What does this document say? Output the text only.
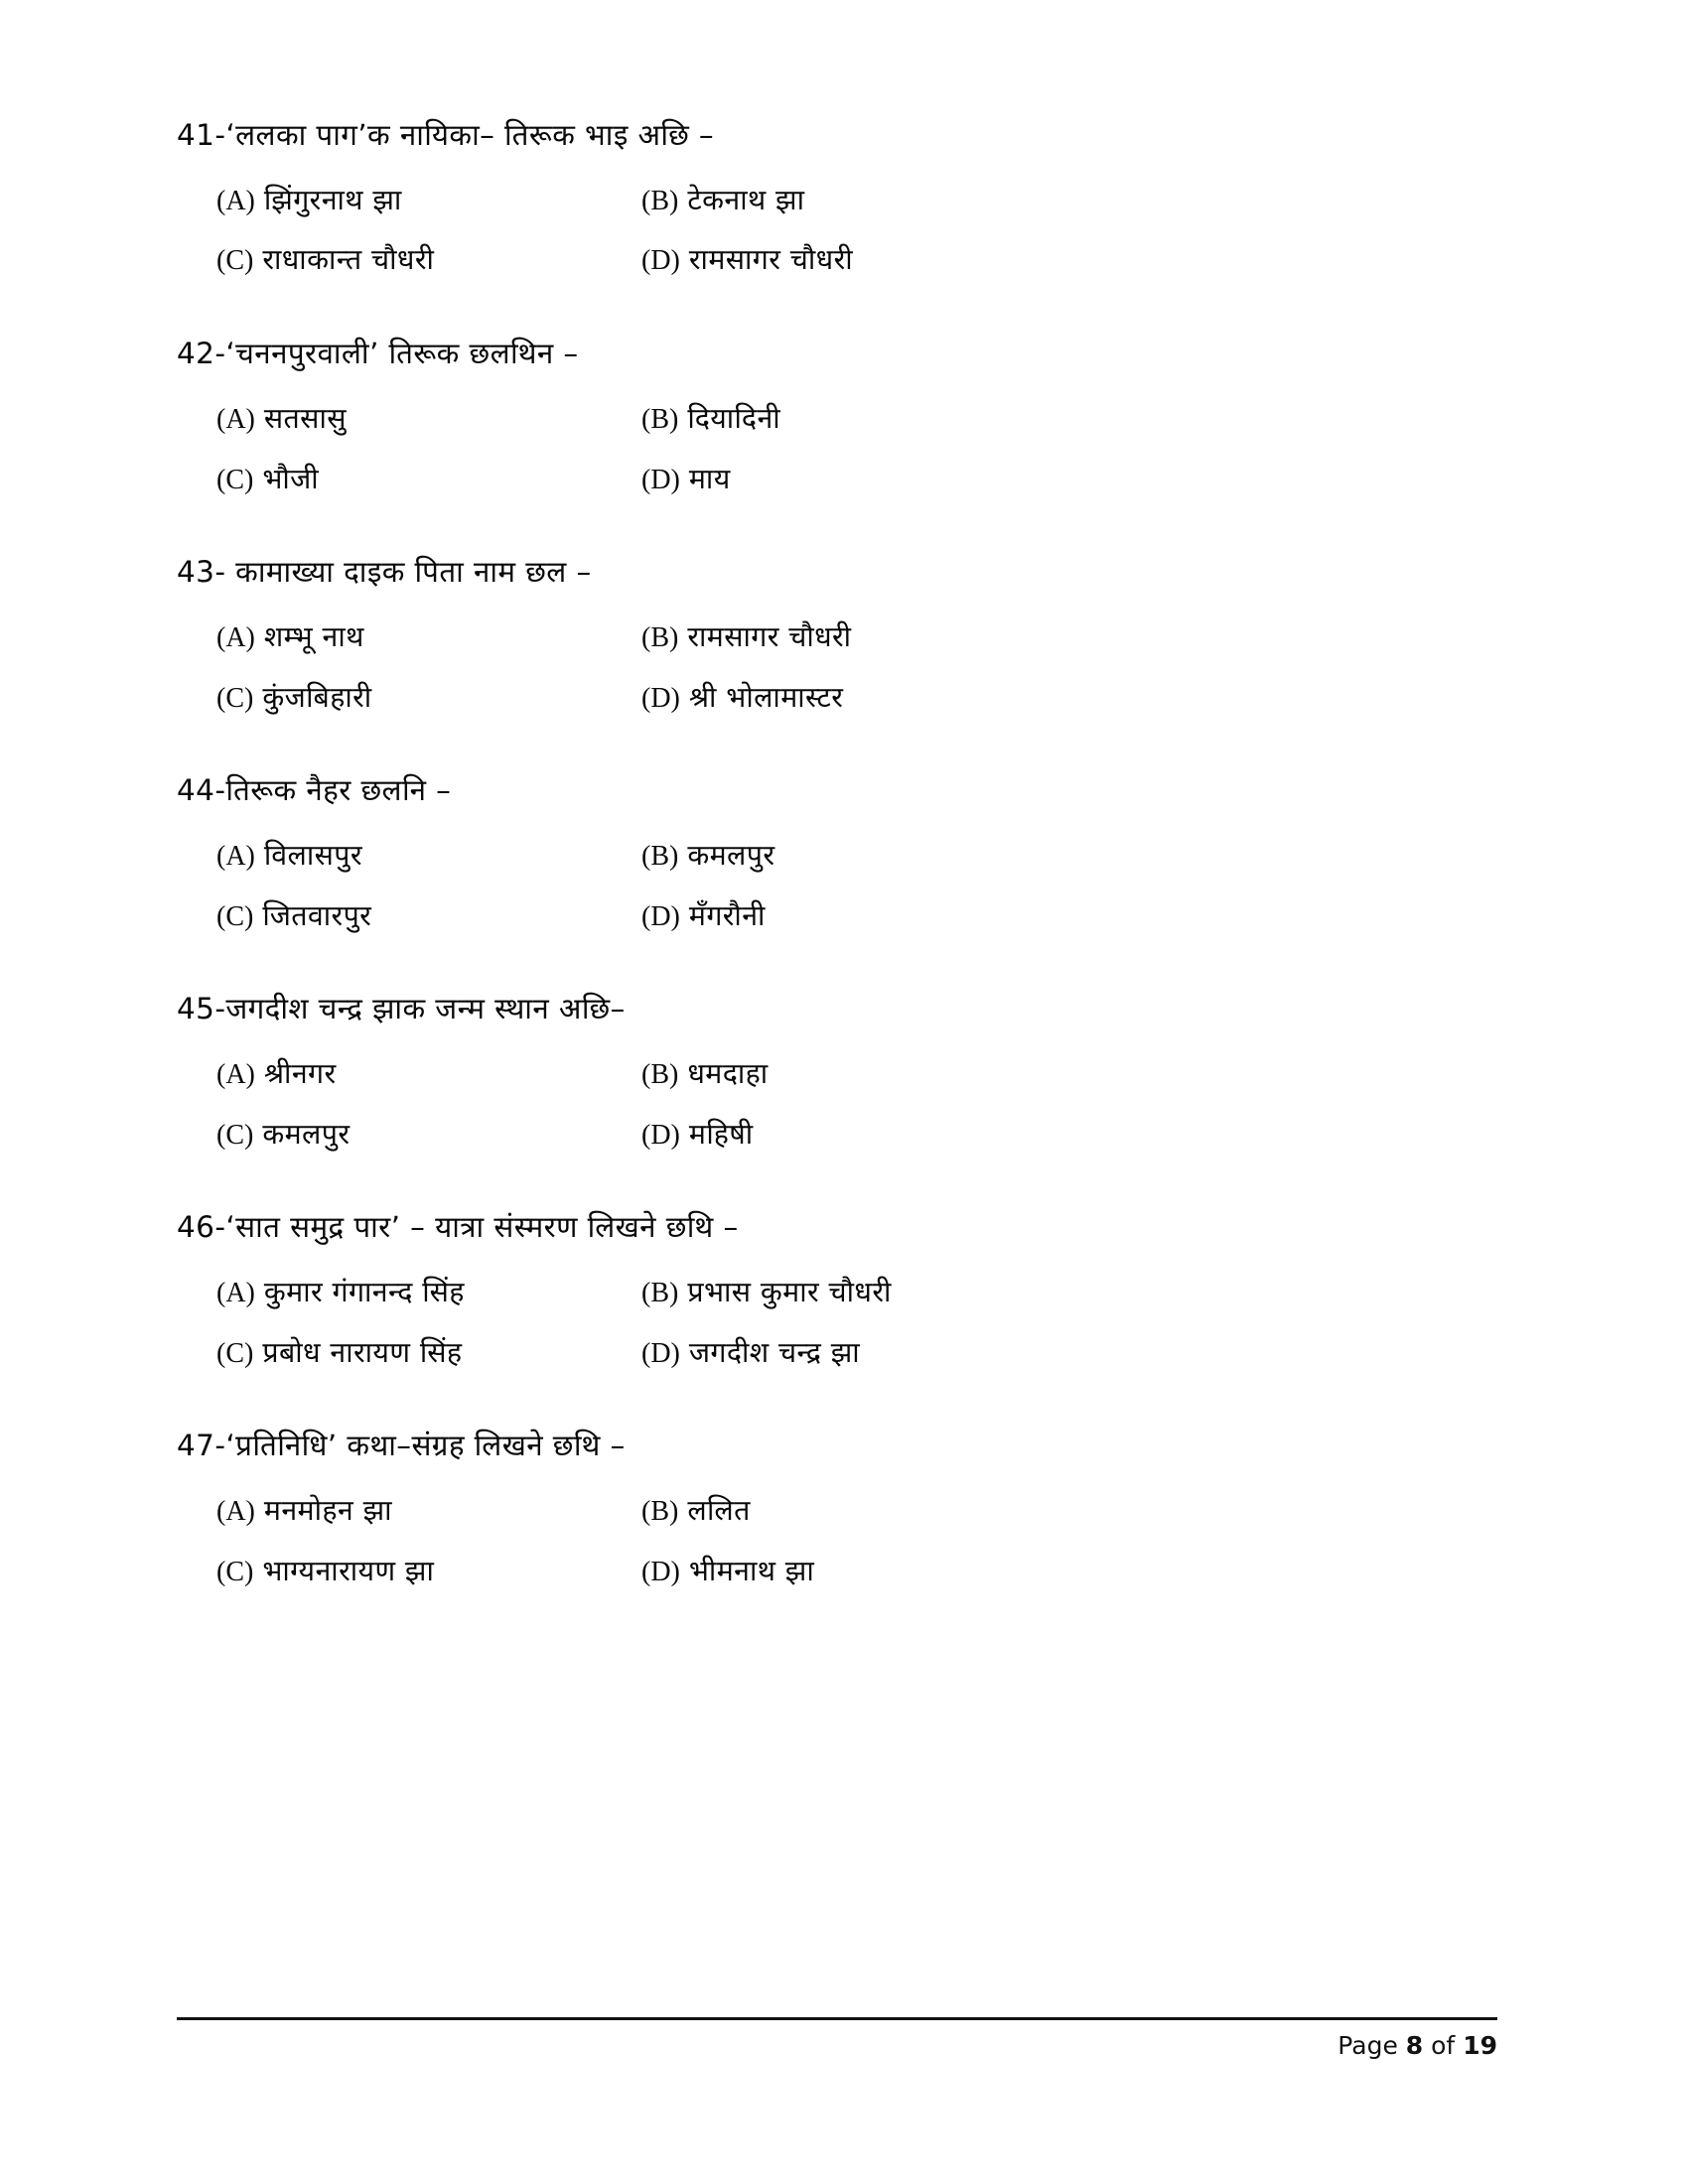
41-‘ललका पाग’क नायिका– तिरूक भाइ अछि –

(A) झिंगुरनाथ झा	(B) टेकनाथ झा
(C) राधाकान्त चौधरी	(D) रामसागर चौधरी

42-‘चननपुरवाली’ तिरूक छलथिन –

(A) सतसासु	(B) दियादिनी
(C) भौजी	(D) माय

43- कामाख्या दाइक पिता नाम छल –

(A) शम्भू नाथ	(B) रामसागर चौधरी
(C) कुंजबिहारी	(D) श्री भोलामास्टर

44-तिरूक नैहर छलनि –

(A) विलासपुर	(B) कमलपुर
(C) जितवारपुर	(D) मँगरौनी

45-जगदीश चन्द्र झाक जन्म स्थान अछि–

(A) श्रीनगर	(B) धमदाहा
(C) कमलपुर	(D) महिषी

46-‘सात समुद्र पार’ – यात्रा संस्मरण लिखने छथि –

(A) कुमार गंगानन्द सिंह	(B) प्रभास कुमार चौधरी
(C) प्रबोध नारायण सिंह	(D) जगदीश चन्द्र झा

47-‘प्रतिनिधि’ कथा–संग्रह लिखने छथि –

(A) मनमोहन झा	(B) ललित
(C) भाग्यनारायण झा	(D) भीमनाथ झा
Page 8 of 19
